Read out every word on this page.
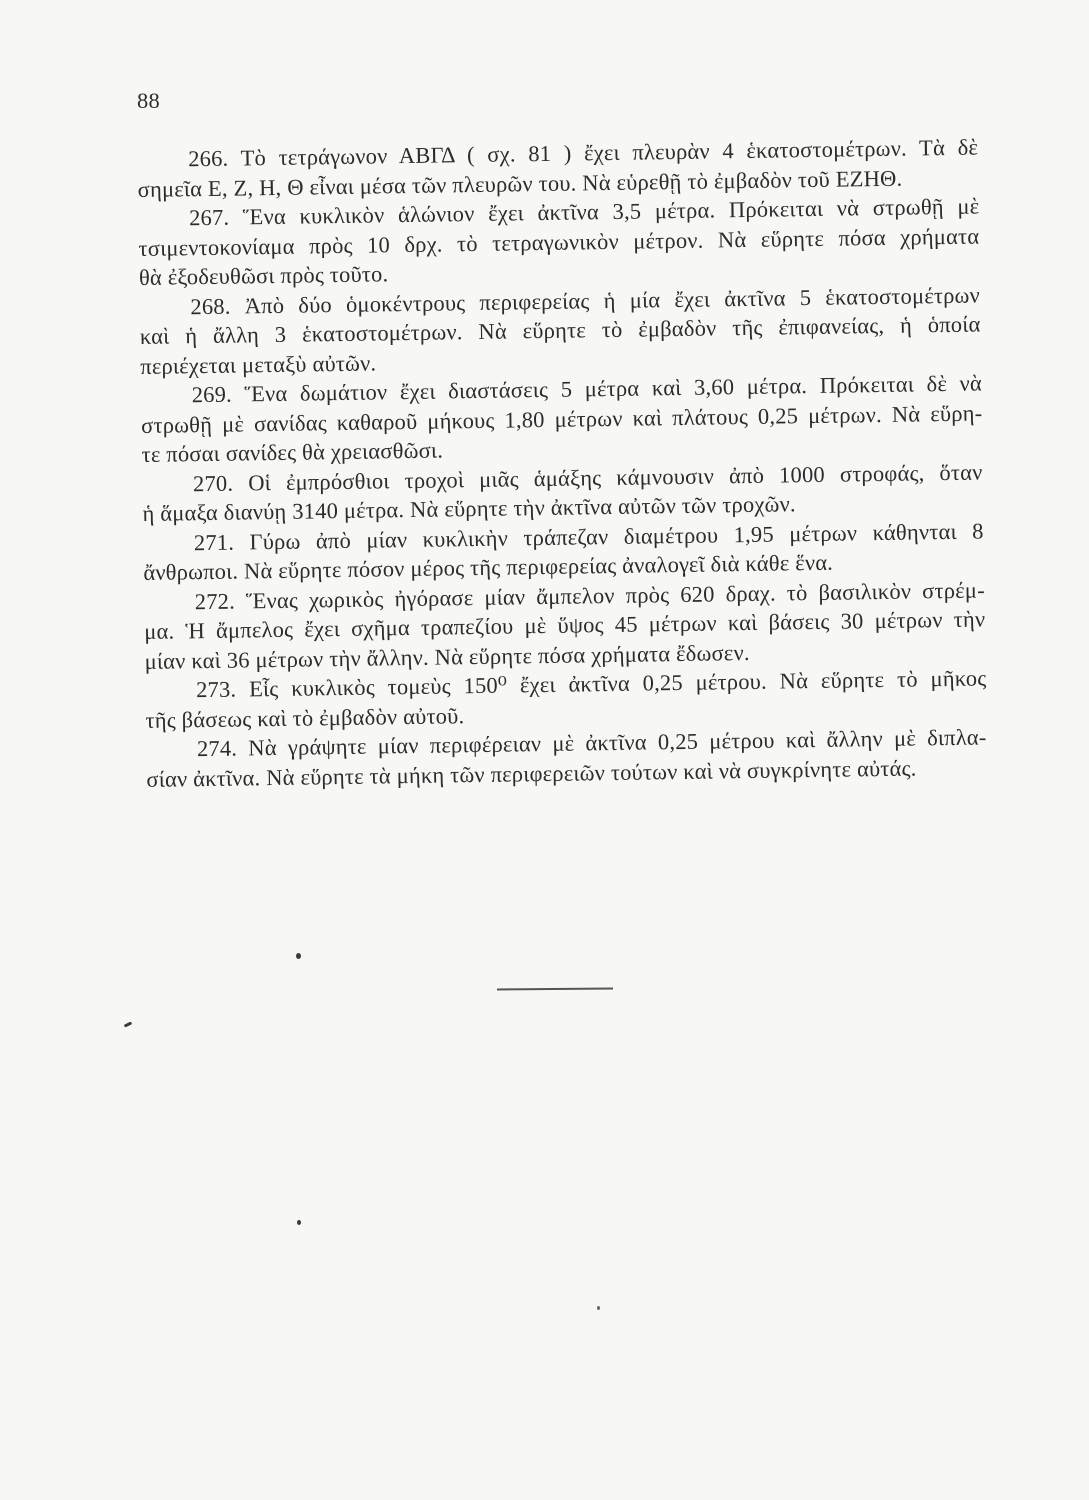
88
266. Τὸ τετράγωνον ΑΒΓΔ ( σχ. 81 ) ἔχει πλευρὰν 4 ἑκατοστομέτρων. Τὰ δὲ
σημεῖα Ε, Ζ, Η, Θ εἶναι μέσα τῶν πλευρῶν του. Νὰ εὑρεθῇ τὸ ἐμβαδὸν τοῦ ΕΖΗΘ.
267. Ἕνα κυκλικὸν ἁλώνιον ἔχει ἀκτῖνα 3,5 μέτρα. Πρόκειται νὰ στρωθῇ μὲ
τσιμεντοκονίαμα πρὸς 10 δρχ. τὸ τετραγωνικὸν μέτρον. Νὰ εὕρητε πόσα χρήματα
θὰ ἐξοδευθῶσι πρὸς τοῦτο.
268. Ἀπὸ δύο ὁμοκέντρους περιφερείας ἡ μία ἔχει ἀκτῖνα 5 ἑκατοστομέτρων
καὶ ἡ ἄλλη 3 ἑκατοστομέτρων. Νὰ εὕρητε τὸ ἐμβαδὸν τῆς ἐπιφανείας, ἡ ὁποία
περιέχεται μεταξὺ αὐτῶν.
269. Ἕνα δωμάτιον ἔχει διαστάσεις 5 μέτρα καὶ 3,60 μέτρα. Πρόκειται δὲ νὰ
στρωθῇ μὲ σανίδας καθαροῦ μήκους 1,80 μέτρων καὶ πλάτους 0,25 μέτρων. Νὰ εὕρη-
τε πόσαι σανίδες θὰ χρειασθῶσι.
270. Οἱ ἐμπρόσθιοι τροχοὶ μιᾶς ἁμάξης κάμνουσιν ἀπὸ 1000 στροφάς, ὅταν
ἡ ἅμαξα διανύῃ 3140 μέτρα. Νὰ εὕρητε τὴν ἀκτῖνα αὐτῶν τῶν τροχῶν.
271. Γύρω ἀπὸ μίαν κυκλικὴν τράπεζαν διαμέτρου 1,95 μέτρων κάθηνται 8
ἄνθρωποι. Νὰ εὕρητε πόσον μέρος τῆς περιφερείας ἀναλογεῖ διὰ κάθε ἕνα.
272. Ἕνας χωρικὸς ἠγόρασε μίαν ἄμπελον πρὸς 620 δραχ. τὸ βασιλικὸν στρέμ-
μα. Ἡ ἄμπελος ἔχει σχῆμα τραπεζίου μὲ ὕψος 45 μέτρων καὶ βάσεις 30 μέτρων τὴν
μίαν καὶ 36 μέτρων τὴν ἄλλην. Νὰ εὕρητε πόσα χρήματα ἔδωσεν.
273. Εἷς κυκλικὸς τομεὺς 150⁰ ἔχει ἀκτῖνα 0,25 μέτρου. Νὰ εὕρητε τὸ μῆκος
τῆς βάσεως καὶ τὸ ἐμβαδὸν αὐτοῦ.
274. Νὰ γράψητε μίαν περιφέρειαν μὲ ἀκτῖνα 0,25 μέτρου καὶ ἄλλην μὲ διπλα-
σίαν ἀκτῖνα. Νὰ εὕρητε τὰ μήκη τῶν περιφερειῶν τούτων καὶ νὰ συγκρίνητε αὐτάς.
